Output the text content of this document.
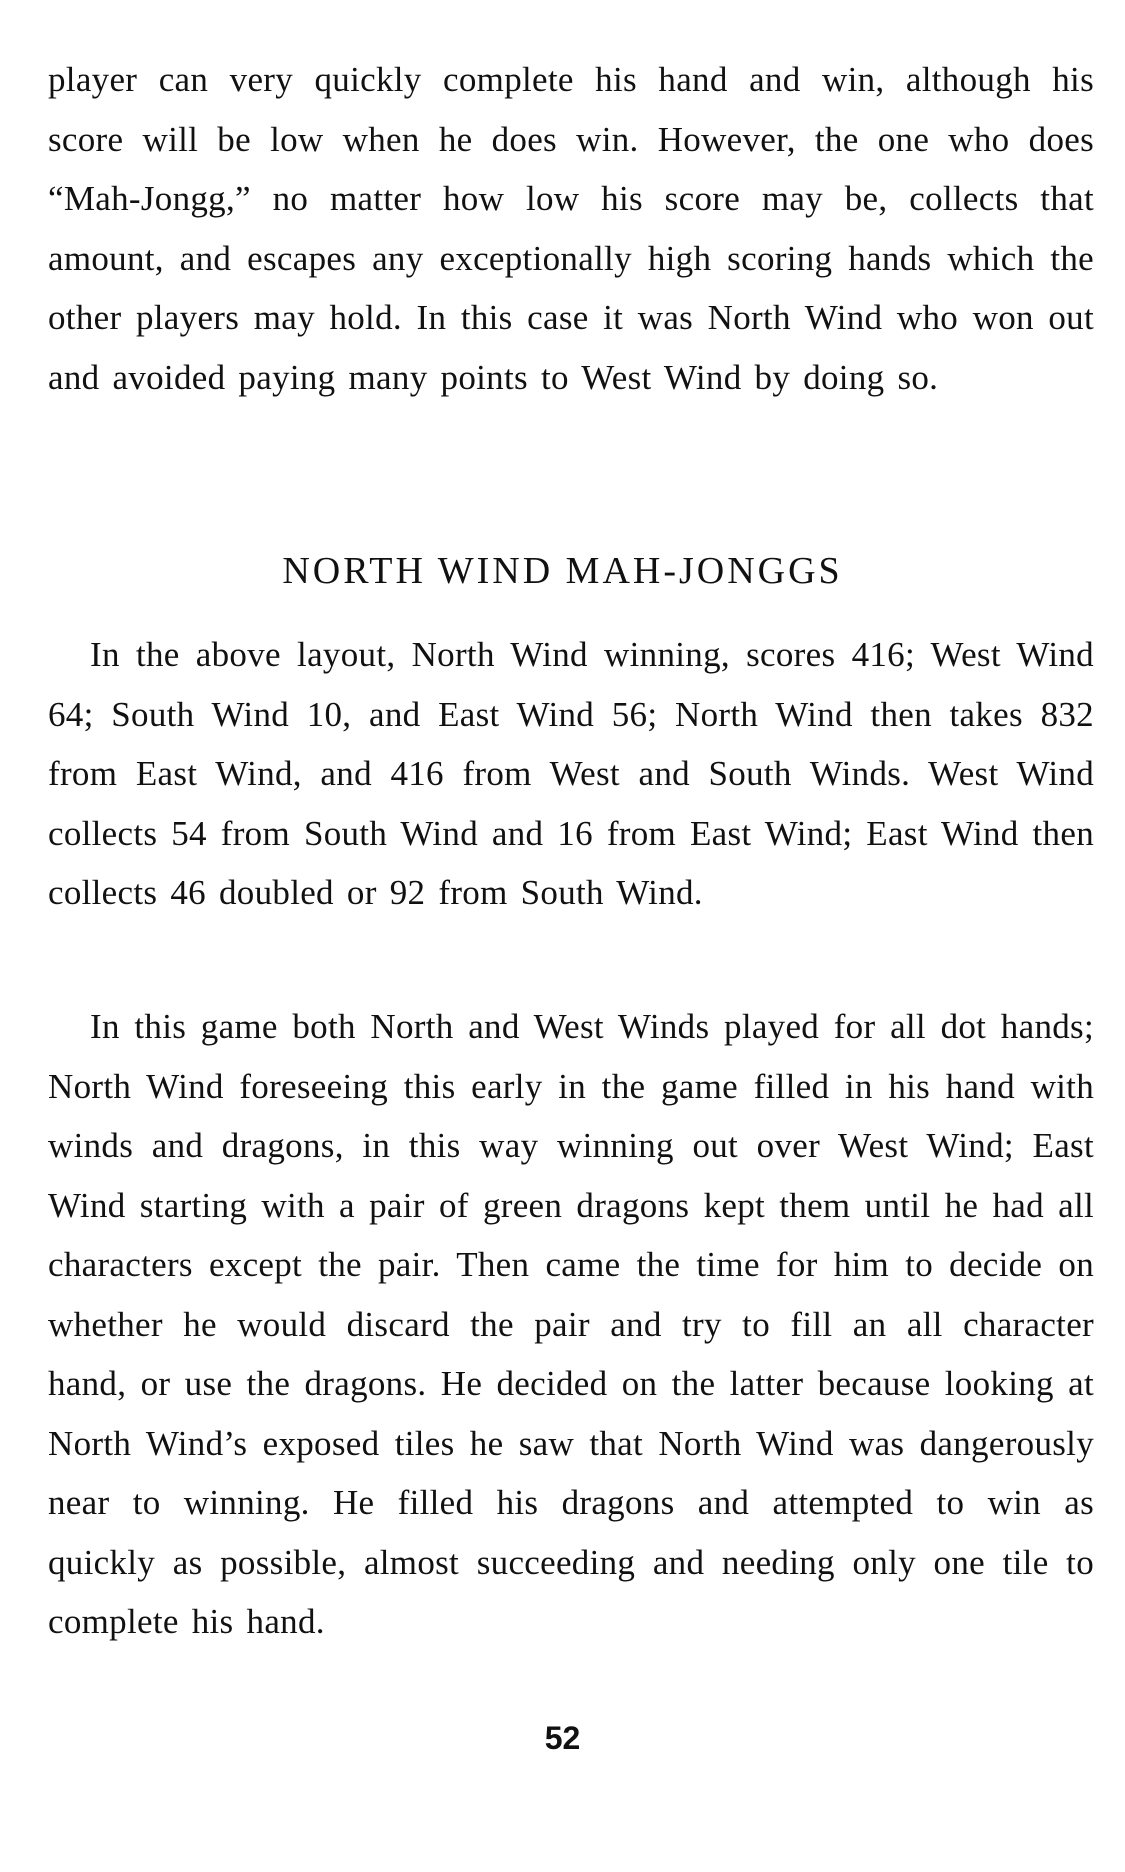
player can very quickly complete his hand and win, although his score will be low when he does win. However, the one who does “Mah-Jongg,” no matter how low his score may be, collects that amount, and escapes any exceptionally high scoring hands which the other players may hold. In this case it was North Wind who won out and avoided paying many points to West Wind by doing so.

NORTH WIND MAH-JONGGS

In the above layout, North Wind winning, scores 416; West Wind 64; South Wind 10, and East Wind 56; North Wind then takes 832 from East Wind, and 416 from West and South Winds. West Wind collects 54 from South Wind and 16 from East Wind; East Wind then collects 46 doubled or 92 from South Wind.

In this game both North and West Winds played for all dot hands; North Wind foreseeing this early in the game filled in his hand with winds and dragons, in this way winning out over West Wind; East Wind starting with a pair of green dragons kept them until he had all characters except the pair. Then came the time for him to decide on whether he would discard the pair and try to fill an all character hand, or use the dragons. He decided on the latter because looking at North Wind’s exposed tiles he saw that North Wind was dangerously near to winning. He filled his dragons and attempted to win as quickly as possible, almost succeeding and needing only one tile to complete his hand.

52
